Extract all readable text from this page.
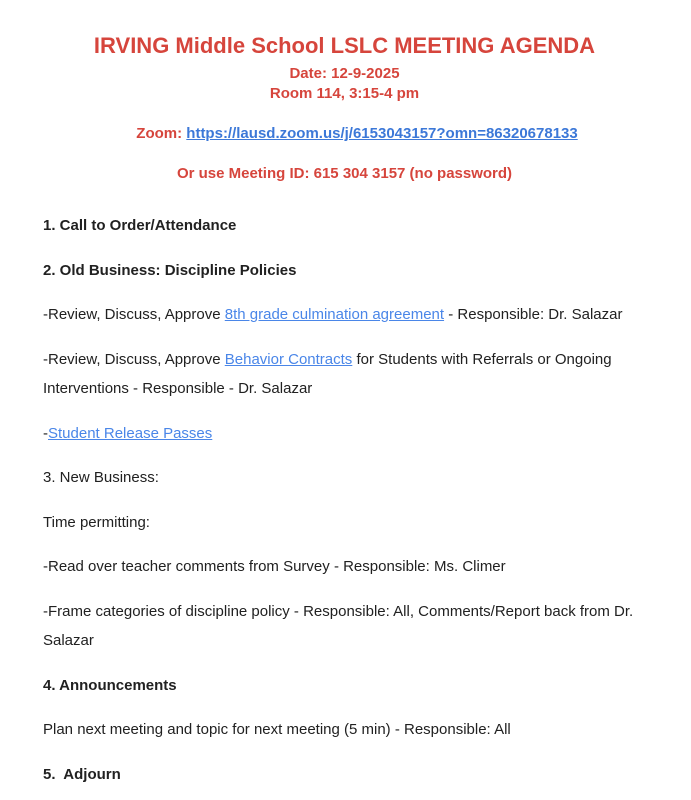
IRVING Middle School LSLC MEETING AGENDA
Date: 12-9-2025
Room 114, 3:15-4 pm

Zoom: https://lausd.zoom.us/j/6153043157?omn=86320678133

Or use Meeting ID: 615 304 3157 (no password)

1. Call to Order/Attendance

2. Old Business: Discipline Policies

-Review, Discuss, Approve 8th grade culmination agreement - Responsible: Dr. Salazar

-Review, Discuss, Approve Behavior Contracts for Students with Referrals or Ongoing Interventions - Responsible - Dr. Salazar

-Student Release Passes

3. New Business:

Time permitting:

-Read over teacher comments from Survey - Responsible: Ms. Climer

-Frame categories of discipline policy - Responsible: All, Comments/Report back from Dr. Salazar

4. Announcements

Plan next meeting and topic for next meeting (5 min) - Responsible: All

5.  Adjourn
